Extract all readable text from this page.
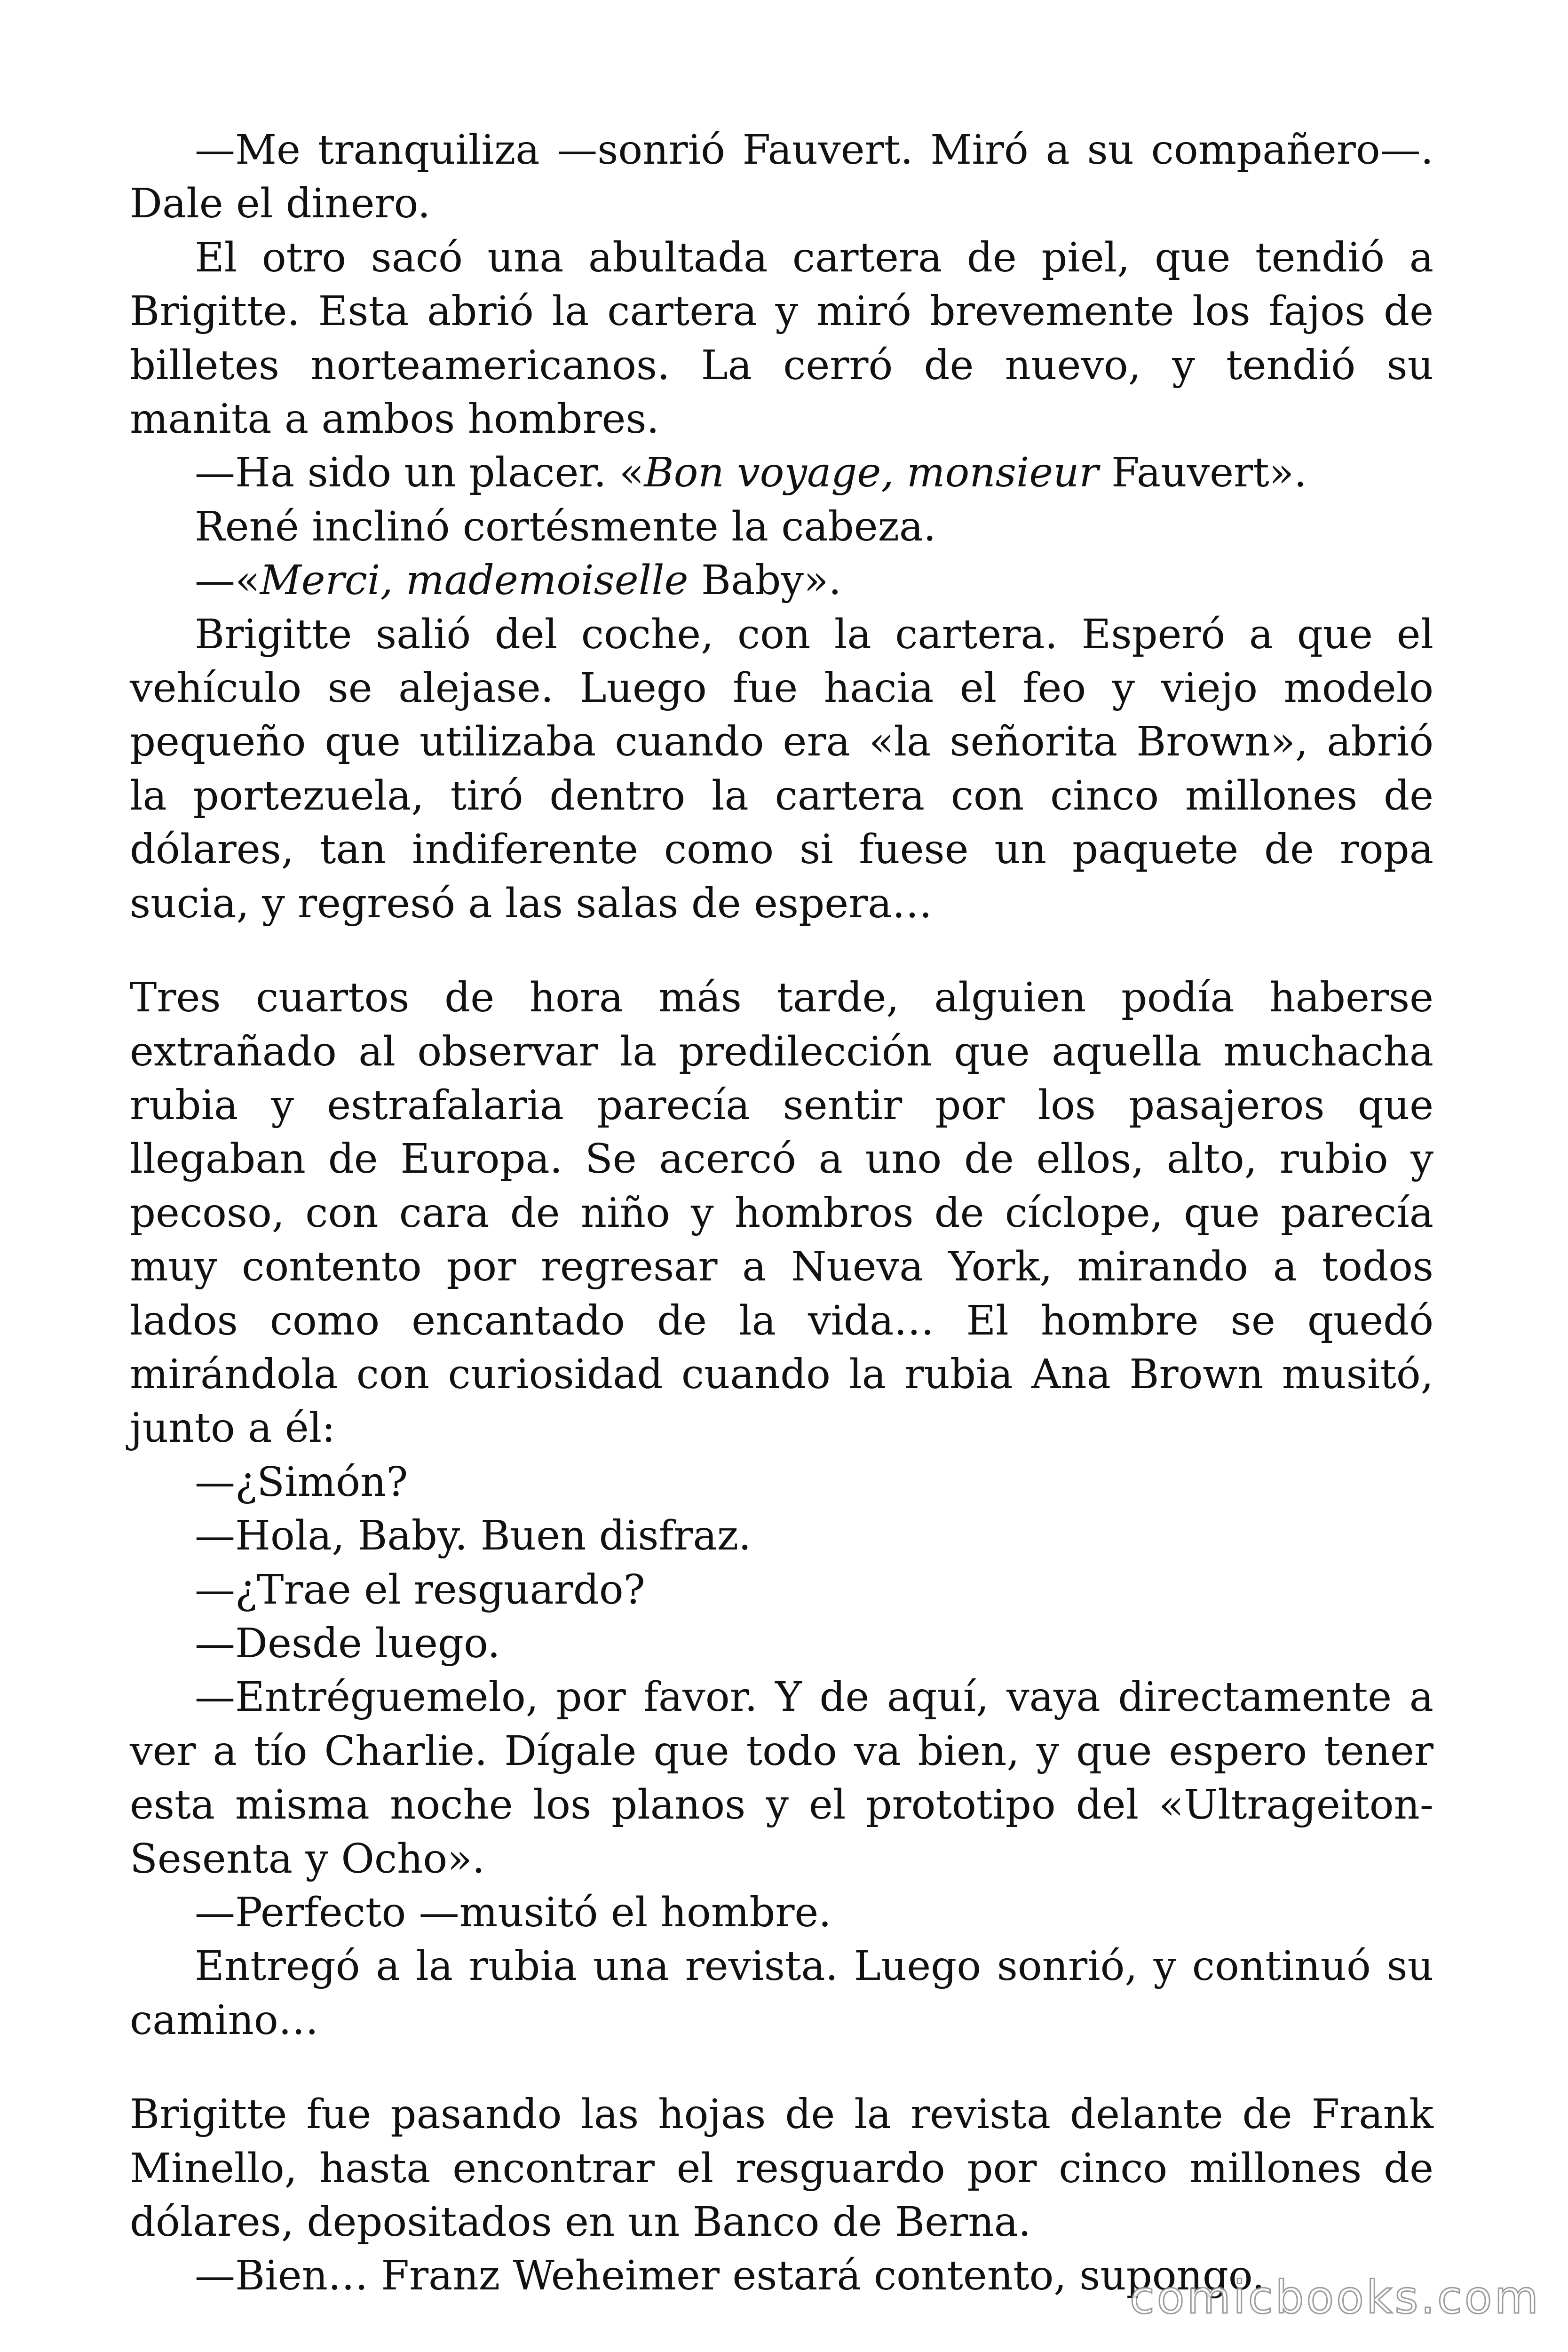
—Me tranquiliza —sonrió Fauvert. Miró a su compañero—. Dale el dinero.

El otro sacó una abultada cartera de piel, que tendió a Brigitte. Esta abrió la cartera y miró brevemente los fajos de billetes norteamericanos. La cerró de nuevo, y tendió su manita a ambos hombres.

—Ha sido un placer. «Bon voyage, monsieur Fauvert».

René inclinó cortésmente la cabeza.

—«Merci, mademoiselle Baby».

Brigitte salió del coche, con la cartera. Esperó a que el vehículo se alejase. Luego fue hacia el feo y viejo modelo pequeño que utilizaba cuando era «la señorita Brown», abrió la portezuela, tiró dentro la cartera con cinco millones de dólares, tan indiferente como si fuese un paquete de ropa sucia, y regresó a las salas de espera…

Tres cuartos de hora más tarde, alguien podía haberse extrañado al observar la predilección que aquella muchacha rubia y estrafalaria parecía sentir por los pasajeros que llegaban de Europa. Se acercó a uno de ellos, alto, rubio y pecoso, con cara de niño y hombros de cíclope, que parecía muy contento por regresar a Nueva York, mirando a todos lados como encantado de la vida… El hombre se quedó mirándola con curiosidad cuando la rubia Ana Brown musitó, junto a él:

—¿Simón?

—Hola, Baby. Buen disfraz.

—¿Trae el resguardo?

—Desde luego.

—Entréguemelo, por favor. Y de aquí, vaya directamente a ver a tío Charlie. Dígale que todo va bien, y que espero tener esta misma noche los planos y el prototipo del «Ultrageiton-Sesenta y Ocho».

—Perfecto —musitó el hombre.

Entregó a la rubia una revista. Luego sonrió, y continuó su camino…

Brigitte fue pasando las hojas de la revista delante de Frank Minello, hasta encontrar el resguardo por cinco millones de dólares, depositados en un Banco de Berna.

—Bien… Franz Weheimer estará contento, supongo.

comicbooks.com
